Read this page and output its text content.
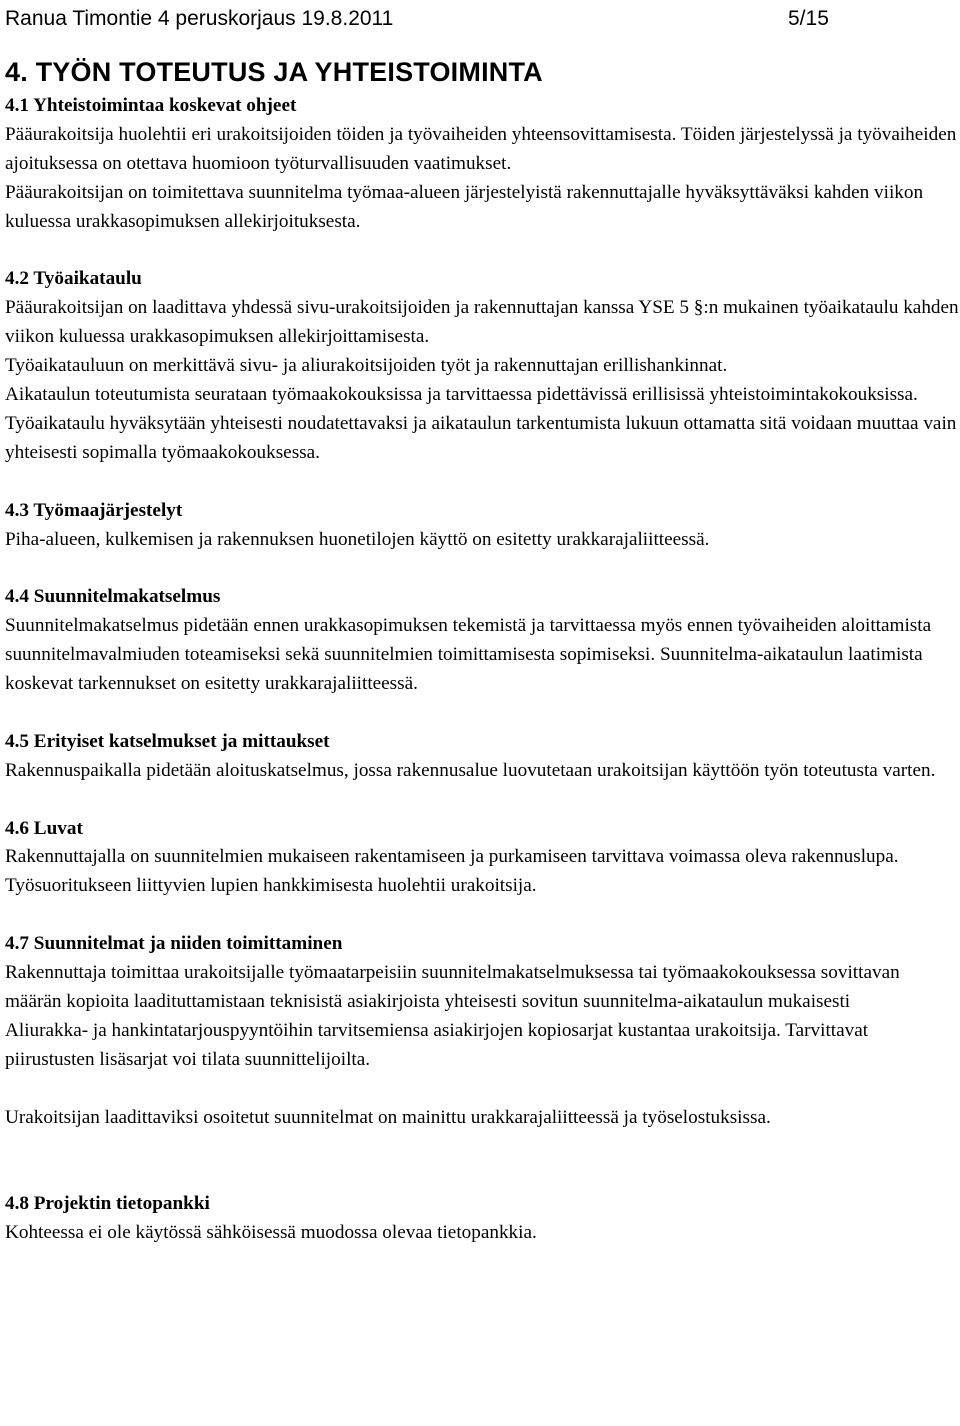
Ranua Timontie 4 peruskorjaus 19.8.2011	5/15
4. TYÖN TOTEUTUS JA YHTEISTOIMINTA

4.1 Yhteistoimintaa koskevat ohjeet

Pääurakoitsija huolehtii eri urakoitsijoiden töiden ja työvaiheiden yhteensovittamisesta. Töiden järjestelyssä ja työvaiheiden ajoituksessa on otettava huomioon työturvallisuuden vaatimukset.

Pääurakoitsijan on toimitettava suunnitelma työmaa-alueen järjestelyistä rakennuttajalle hyväksyttäväksi kahden viikon kuluessa urakkasopimuksen allekirjoituksesta.

4.2 Työaikataulu

Pääurakoitsijan on laadittava yhdessä sivu-urakoitsijoiden ja rakennuttajan kanssa YSE 5 §:n mukainen työaikataulu kahden viikon kuluessa urakkasopimuksen allekirjoittamisesta.

Työaikatauluun on merkittävä sivu- ja aliurakoitsijoiden työt ja rakennuttajan erillishankinnat.

Aikataulun toteutumista seurataan työmaakokouksissa ja tarvittaessa pidettävissä erillisissä yhteistoimintakokouksissa. Työaikataulu hyväksytään yhteisesti noudatettavaksi ja aikataulun tarkentumista lukuun ottamatta sitä voidaan muuttaa vain yhteisesti sopimalla työmaakokouksessa.

4.3 Työmaajärjestelyt

Piha-alueen, kulkemisen ja rakennuksen huonetilojen käyttö on esitetty urakkarajaliitteessä.

4.4 Suunnitelmakatselmus

Suunnitelmakatselmus pidetään ennen urakkasopimuksen tekemistä ja tarvittaessa myös ennen työvaiheiden aloittamista suunnitelmavalmiuden toteamiseksi sekä suunnitelmien toimittamisesta sopimiseksi. Suunnitelma-aikataulun laatimista koskevat tarkennukset on esitetty urakkarajaliitteessä.

4.5 Erityiset katselmukset ja mittaukset

Rakennuspaikalla pidetään aloituskatselmus, jossa rakennusalue luovutetaan urakoitsijan käyttöön työn toteutusta varten.

4.6 Luvat

Rakennuttajalla on suunnitelmien mukaiseen rakentamiseen ja purkamiseen tarvittava voimassa oleva rakennuslupa.

Työsuoritukseen liittyvien lupien hankkimisesta huolehtii urakoitsija.

4.7 Suunnitelmat ja niiden toimittaminen

Rakennuttaja toimittaa urakoitsijalle työmaatarpeisiin suunnitelmakatselmuksessa tai työmaakokouksessa sovittavan määrän kopioita laadituttamistaan teknisistä asiakirjoista yhteisesti sovitun suunnitelma-aikataulun mukaisesti

Aliurakka- ja hankintatarjouspyyntöihin tarvitsemiensa asiakirjojen kopiosarjat kustantaa urakoitsija. Tarvittavat piirustusten lisäsarjat voi tilata suunnittelijoilta.

Urakoitsijan laadittaviksi osoitetut suunnitelmat on mainittu urakkarajaliitteessä ja työselostuksissa.

4.8 Projektin tietopankki

Kohteessa ei ole käytössä sähköisessä muodossa olevaa tietopankkia.
